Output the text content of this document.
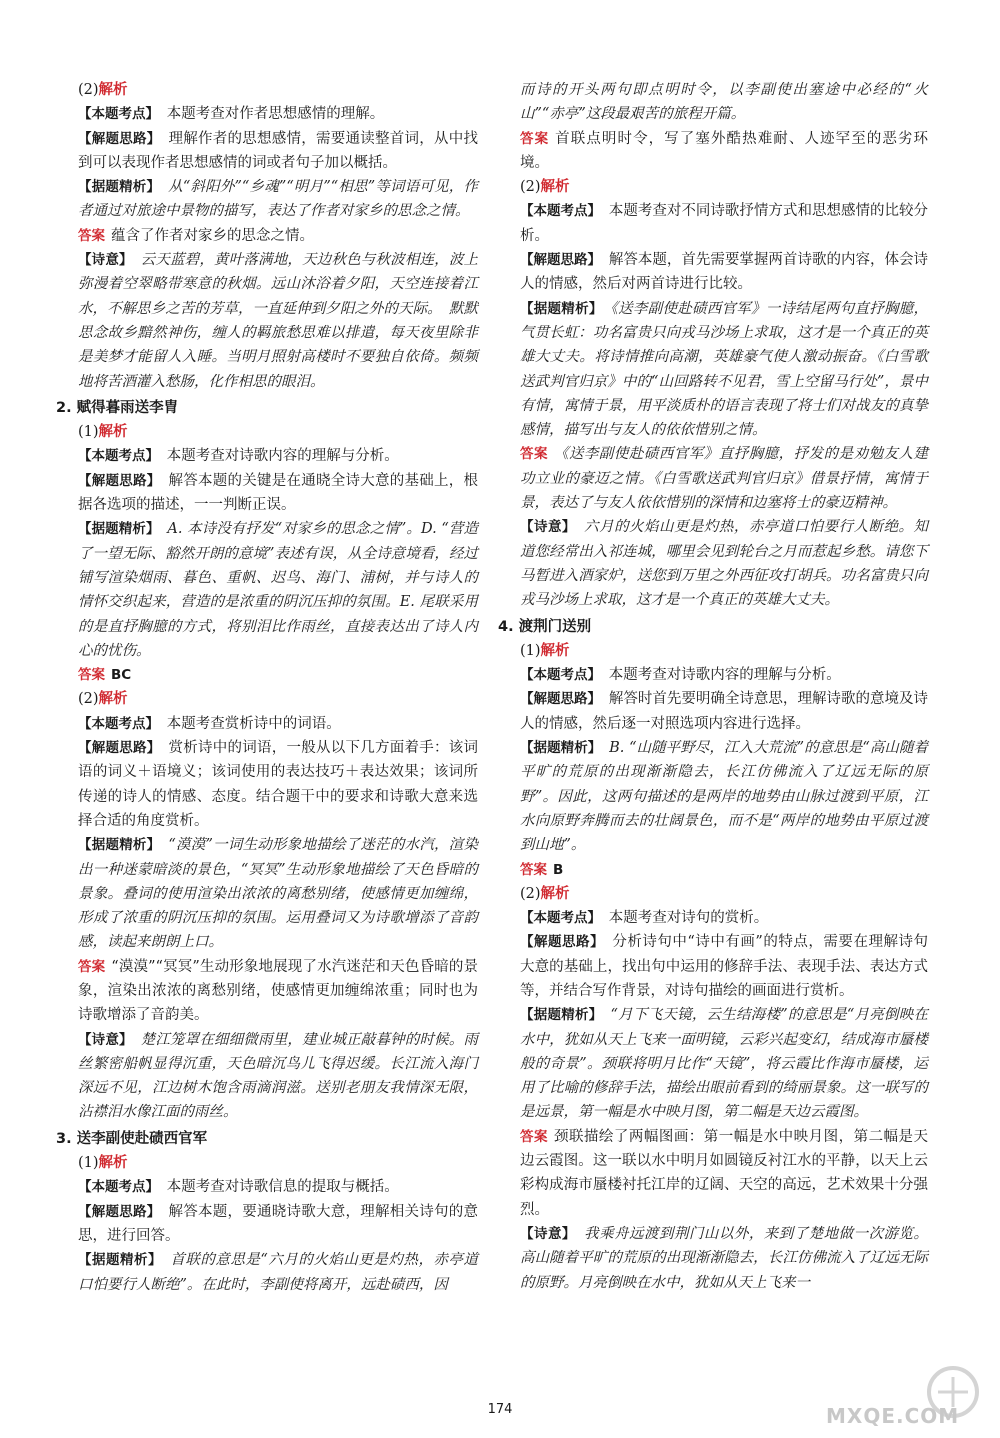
(2)解析

【本题考点】　 本题考查对作者思想感情的理解。

【解题思路】　 理解作者的思想感情，需要通读整首词，从中找到可以表现作者思想感情的词或者句子加以概括。

【据题精析】　 从“斜阳外”“乡魂”“明月”“相思”等词语可见，作者通过对旅途中景物的描写，表达了作者对家乡的思念之情。

答案 蕴含了作者对家乡的思念之情。

【诗意】　 云天蓝碧，黄叶落满地，天边秋色与秋波相连，波上弥漫着空翠略带寒意的秋烟。远山沐浴着夕阳，天空连接着江水，不解思乡之苦的芳草，一直延伸到夕阳之外的天际。　默默思念故乡黯然神伤，缠人的羁旅愁思难以排遣，每天夜里除非是美梦才能留人入睡。当明月照射高楼时不要独自依倚。频频地将苦酒灌入愁肠，化作相思的眼泪。

2. 赋得暮雨送李胄

(1)解析

【本题考点】　 本题考查对诗歌内容的理解与分析。

【解题思路】　 解答本题的关键是在通晓全诗大意的基础上，根据各选项的描述，一一判断正误。

【据题精析】　 A. 本诗没有抒发“对家乡的思念之情”。D. “营造了一望无际、豁然开朗的意境”表述有误，从全诗意境看，经过铺写渲染烟雨、暮色、重帆、迟鸟、海门、浦树，并与诗人的情怀交织起来，营造的是浓重的阴沉压抑的氛围。E. 尾联采用的是直抒胸臆的方式，将别泪比作雨丝，直接表达出了诗人内心的忧伤。

答案 BC

(2)解析

【本题考点】　 本题考查赏析诗中的词语。

【解题思路】　 赏析诗中的词语，一般从以下几方面着手：该词语的词义＋语境义；该词使用的表达技巧＋表达效果；该词所传递的诗人的情感、态度。结合题干中的要求和诗歌大意来选择合适的角度赏析。

【据题精析】　 “漠漠”一词生动形象地描绘了迷茫的水汽，渲染出一种迷蒙暗淡的景色，“冥冥”生动形象地描绘了天色昏暗的景象。叠词的使用渲染出浓浓的离愁别绪，使感情更加缠绵，形成了浓重的阴沉压抑的氛围。运用叠词又为诗歌增添了音韵感，读起来朗朗上口。

答案 “漠漠”“冥冥”生动形象地展现了水汽迷茫和天色昏暗的景象，渲染出浓浓的离愁别绪，使感情更加缠绵浓重；同时也为诗歌增添了音韵美。

【诗意】　 楚江笼罩在细细微雨里，建业城正敲暮钟的时候。雨丝繁密船帆显得沉重，天色暗沉鸟儿飞得迟缓。长江流入海门深远不见，江边树木饱含雨滴润滋。送别老朋友我情深无限，沾襟泪水像江面的雨丝。

3. 送李副使赴碛西官军

(1)解析

【本题考点】　 本题考查对诗歌信息的提取与概括。

【解题思路】　 解答本题，要通晓诗歌大意，理解相关诗句的意思，进行回答。

【据题精析】　 首联的意思是“六月的火焰山更是灼热，赤亭道口怕要行人断绝”。在此时，李副使将离开，远赴碛西，因

而诗的开头两句即点明时令，以李副使出塞途中必经的“火山”“赤亭”这段最艰苦的旅程开篇。

答案 首联点明时令，写了塞外酷热难耐、人迹罕至的恶劣环境。

(2)解析

【本题考点】　 本题考查对不同诗歌抒情方式和思想感情的比较分析。

【解题思路】　 解答本题，首先需要掌握两首诗歌的内容，体会诗人的情感，然后对两首诗进行比较。

【据题精析】　 《送李副使赴碛西官军》一诗结尾两句直抒胸臆，气贯长虹：功名富贵只向戎马沙场上求取，这才是一个真正的英雄大丈夫。将诗情推向高潮，英雄豪气使人激动振奋。《白雪歌送武判官归京》中的“山回路转不见君，雪上空留马行处”，景中有情，寓情于景，用平淡质朴的语言表现了将士们对战友的真挚感情，描写出与友人的依依惜别之情。

答案 《送李副使赴碛西官军》直抒胸臆，抒发的是劝勉友人建功立业的豪迈之情。《白雪歌送武判官归京》借景抒情，寓情于景，表达了与友人依依惜别的深情和边塞将士的豪迈精神。

【诗意】　 六月的火焰山更是灼热，赤亭道口怕要行人断绝。知道您经常出入祁连城，哪里会见到轮台之月而惹起乡愁。请您下马暂进入酒家炉，送您到万里之外西征攻打胡兵。功名富贵只向戎马沙场上求取，这才是一个真正的英雄大丈夫。

4. 渡荆门送别

(1)解析

【本题考点】　 本题考查对诗歌内容的理解与分析。

【解题思路】　 解答时首先要明确全诗意思，理解诗歌的意境及诗人的情感，然后逐一对照选项内容进行选择。

【据题精析】　 B. “山随平野尽，江入大荒流”的意思是“高山随着平旷的荒原的出现渐渐隐去，长江仿佛流入了辽远无际的原野”。因此，这两句描述的是两岸的地势由山脉过渡到平原，江水向原野奔腾而去的壮阔景色，而不是“两岸的地势由平原过渡到山地”。

答案 B

(2)解析

【本题考点】　 本题考查对诗句的赏析。

【解题思路】　 分析诗句中“诗中有画”的特点，需要在理解诗句大意的基础上，找出句中运用的修辞手法、表现手法、表达方式等，并结合写作背景，对诗句描绘的画面进行赏析。

【据题精析】　 “月下飞天镜，云生结海楼”的意思是“月亮倒映在水中，犹如从天上飞来一面明镜，云彩兴起变幻，结成海市蜃楼般的奇景”。颈联将明月比作“天镜”，将云霞比作海市蜃楼，运用了比喻的修辞手法，描绘出眼前看到的绮丽景象。这一联写的是远景，第一幅是水中映月图，第二幅是天边云霞图。

答案 颈联描绘了两幅图画：第一幅是水中映月图，第二幅是天边云霞图。这一联以水中明月如圆镜反衬江水的平静，以天上云彩构成海市蜃楼衬托江岸的辽阔、天空的高远，艺术效果十分强烈。

【诗意】　 我乘舟远渡到荆门山以外，来到了楚地做一次游览。高山随着平旷的荒原的出现渐渐隐去，长江仿佛流入了辽远无际的原野。月亮倒映在水中，犹如从天上飞来一

174	MXQE.COM
